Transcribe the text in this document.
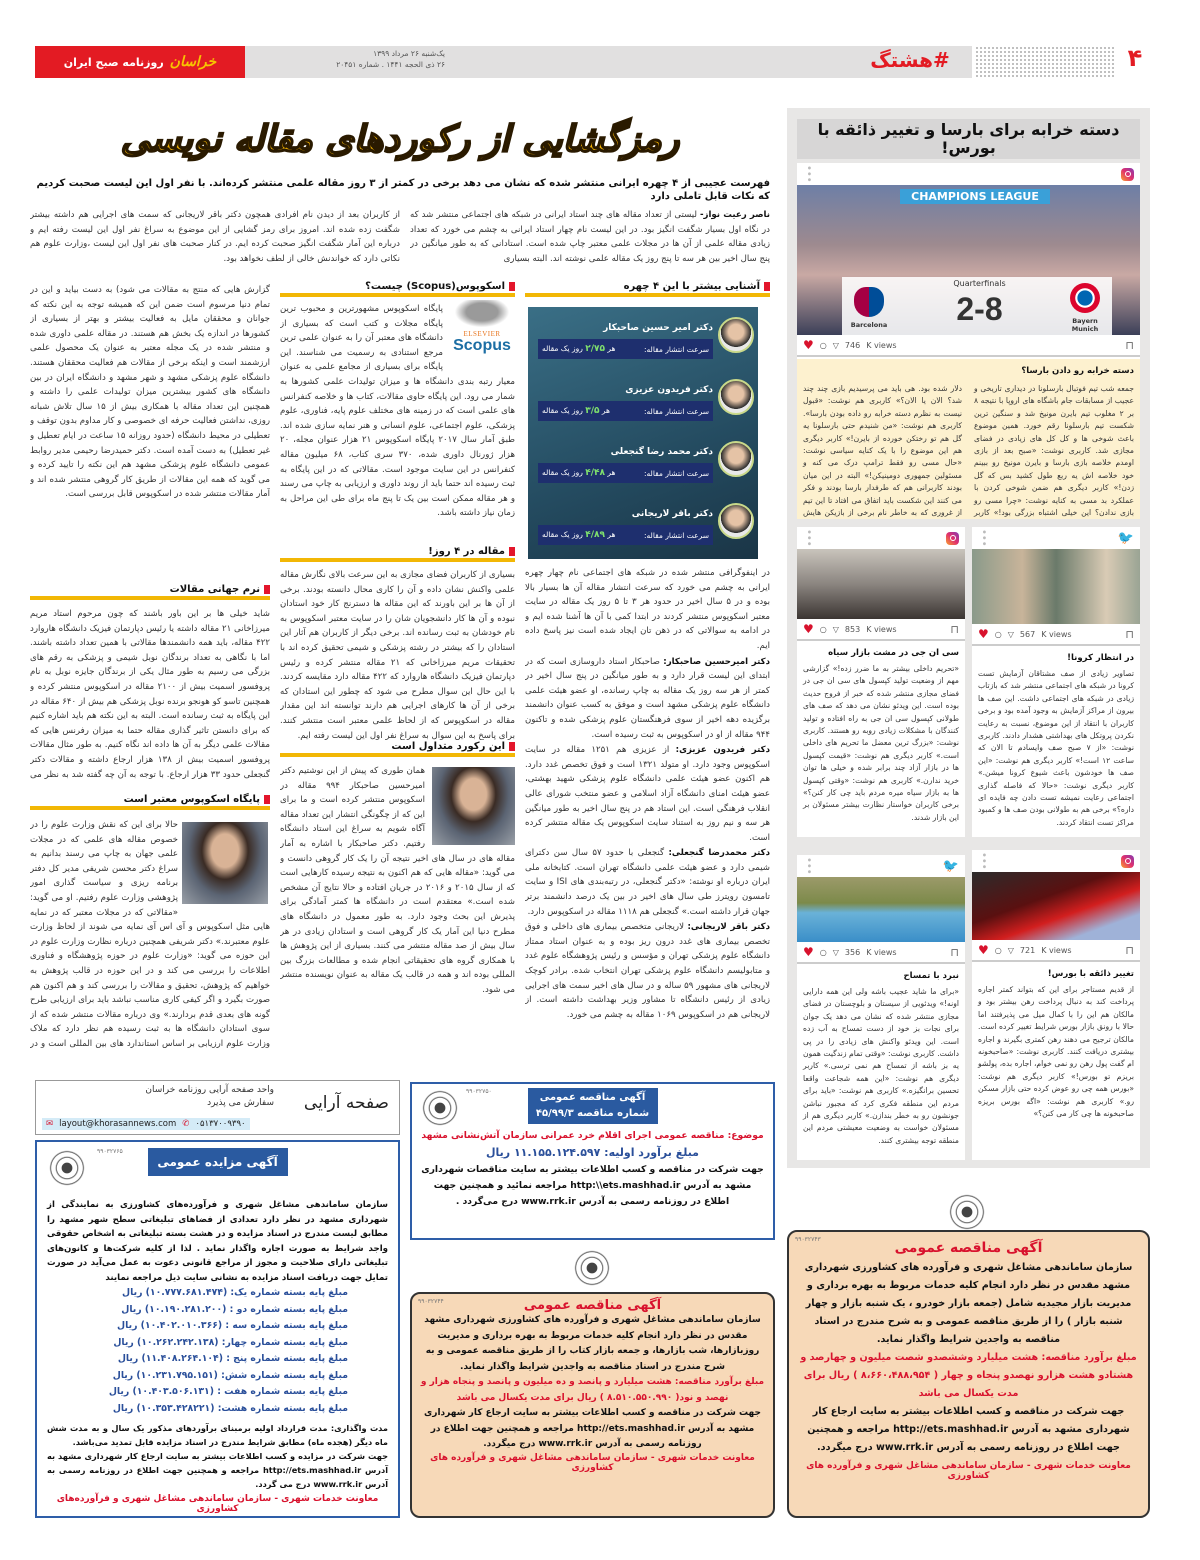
خراسان
روزنامه صبح ایران
یک‌شنبه ۲۶ مرداد ۱۳۹۹
۲۶ ذی الحجه ۱۴۴۱ . شماره ۲۰۴۵۱	#هشتگ	۴
رمزگشایی از رکوردهای مقاله نویسی
فهرست عجیبی از ۴ چهره ایرانی منتشر شده که نشان می دهد برخی در کمتر از ۳ روز مقاله علمی منتشر کرده‌اند. با نفر اول این لیست صحبت کردیم که نکات قابل تاملی دارد
ناصر رعیت نواز- لیستی از تعداد مقاله های چند استاد ایرانی در شبکه های اجتماعی منتشر شد که در نگاه اول بسیار شگفت انگیز بود. در این لیست نام چهار استاد ایرانی به چشم می خورد که تعداد زیادی مقاله علمی از آن ها در مجلات علمی معتبر چاپ شده است. استادانی که به طور میانگین در پنج سال اخیر بین هر سه تا پنج روز یک مقاله علمی نوشته اند. البته بسیاری
از کاربران بعد از دیدن نام افرادی همچون دکتر باقر لاریجانی که سمت های اجرایی هم داشته بیشتر شگفت زده شده اند. امروز برای رمز گشایی از این موضوع به سراغ نفر اول این لیست رفته ایم و درباره این آمار شگفت انگیز صحبت کرده ایم. در کنار صحبت های نفر اول این لیست ،وزارت علوم هم نکاتی دارد که خواندنش خالی از لطف نخواهد بود.
آشنایی بیشتر با این ۴ چهره
دکتر امیر حسین صاحبکار
سرعت انتشار مقاله:
هر ۲/۷۵ روز یک مقاله
دکتر فریدون عزیزی
سرعت انتشار مقاله:
هر ۳/۵ روز یک مقاله
دکتر محمد رضا گنجعلی
سرعت انتشار مقاله:
هر ۴/۴۸ روز یک مقاله
دکتر باقر لاریجانی
سرعت انتشار مقاله:
هر ۴/۸۹ روز یک مقاله

در اینفوگرافی منتشر شده در شبکه های اجتماعی نام چهار چهره ایرانی به چشم می خورد که سرعت انتشار مقاله آن ها بسیار بالا بوده و در ۵ سال اخیر در حدود هر ۳ تا ۵ روز یک مقاله در سایت معتبر اسکوپوس منتشر کردند در ابتدا کمی با آن ها آشنا شده ایم و در ادامه به سوالاتی که در ذهن تان ایجاد شده است نیز پاسخ داده ایم.

دکتر امیرحسین صاحبکار: صاحبکار استاد داروسازی است که در ابتدای این لیست قرار دارد و به طور میانگین در پنج سال اخیر در کمتر از هر سه روز یک مقاله به چاپ رسانده، او عضو هیئت علمی دانشگاه علوم پزشکی مشهد است و موفق به کسب عنوان دانشمند برگزیده دهه اخیر از سوی فرهنگستان علوم پزشکی شده و تاکنون ۹۴۴ مقاله از او در اسکوپوس به ثبت رسیده است.

دکتر فریدون عزیزی: از عزیزی هم ۱۲۵۱ مقاله در سایت اسکوپوس وجود دارد. او متولد ۱۳۲۱ است و فوق تخصص غدد دارد. هم اکنون عضو هیئت علمی دانشگاه علوم پزشکی شهید بهشتی، عضو هیئت امنای دانشگاه آزاد اسلامی و عضو منتخب شورای عالی انقلاب فرهنگی است. این استاد هم در پنج سال اخیر به طور میانگین هر سه و نیم روز به استناد سایت اسکوپوس یک مقاله منتشر کرده است.

دکتر محمدرضا گنجعلی: گنجعلی با حدود ۵۷ سال سن دکترای شیمی دارد و عضو هیئت علمی دانشگاه تهران است. کتابخانه ملی ایران درباره او نوشته: «دکتر گنجعلی، در رتبه‌بندی های ISI و سایت تامسون رویترز طی سال های اخیر در بین یک درصد دانشمند برتر جهان قرار داشته است.» گنجعلی هم ۱۱۱۸ مقاله در اسکوپوس دارد.

دکتر باقر لاریجانی: لاریجانی متخصص بیماری های داخلی و فوق تخصص بیماری های غدد درون ریز بوده و به عنوان استاد ممتاز دانشگاه علوم پزشکی تهران و مؤسس و رئیس پژوهشگاه علوم غدد و متابولیسم دانشگاه علوم پزشکی تهران انتخاب شده. برادر کوچک لاریجانی های مشهور ۵۹ ساله و در سال های اخیر سمت های اجرایی زیادی از رئیس دانشگاه تا مشاور وزیر بهداشت داشته است. از لاریجانی هم در اسکوپوس ۱۰۶۹ مقاله به چشم می خورد.

اسکوپوس(Scopus) چیست؟
پایگاه اسکوپوس مشهورترین و محبوب ترین پایگاه مجلات و کتب است که بسیاری از دانشگاه های معتبر آن را به عنوان علمی ترین مرجع استنادی به رسمیت می شناسند. این پایگاه برای بسیاری از مجامع علمی به عنوان معیار رتبه بندی دانشگاه ها و میزان تولیدات علمی کشورها به شمار می رود. این پایگاه حاوی مقالات، کتاب ها و خلاصه کنفرانس های علمی است که در زمینه های مختلف علوم پایه، فناوری، علوم پزشکی، علوم اجتماعی، علوم انسانی و هنر نمایه سازی شده اند. طبق آمار سال ۲۰۱۷ پایگاه اسکوپوس ۲۱ هزار عنوان مجله، ۲۰ هزار ژورنال داوری شده، ۳۷۰ سری کتاب، ۶۸ میلیون مقاله کنفرانس در این سایت موجود است. مقالاتی که در این پایگاه به ثبت رسیده اند حتما باید از روند داوری و ارزیابی به چاپ می رسند و هر مقاله ممکن است بین یک تا پنج ماه برای طی این مراحل به زمان نیاز داشته باشد.
ELSEVIER
Scopus
مقاله در ۴ روز!
بسیاری از کاربران فضای مجازی به این سرعت بالای نگارش مقاله علمی واکنش نشان داده و آن را کاری محال دانسته بودند. برخی از آن ها بر این باورند که این مقاله ها دسترنج کار خود استادان نبوده و آن ها کار دانشجویان شان را در سایت معتبر اسکوپوس به نام خودشان به ثبت رسانده اند. برخی دیگر از کاربران هم آثار این استادان را که بیشتر در رشته پزشکی و شیمی تحقیق کرده اند با تحقیقات مریم میرزاخانی که ۲۱ مقاله منتشر کرده و رئیس دپارتمان فیزیک دانشگاه هاروارد که ۴۲۲ مقاله دارد مقایسه کردند. با این حال این سوال مطرح می شود که چطور این استادان که برخی از آن ها کارهای اجرایی هم دارند توانسته اند این مقدار مقاله در اسکوپوس که از لحاظ علمی معتبر است منتشر کنند. برای پاسخ به این سوال به سراغ نفر اول این لیست رفته ایم.
این رکورد متداول است
همان طوری که پیش از این نوشتیم دکتر امیرحسین صاحبکار ۹۹۴ مقاله در اسکوپوس منتشر کرده است و ما برای این که از چگونگی انتشار این تعداد مقاله آگاه شویم به سراغ این استاد دانشگاه رفتیم. دکتر صاحبکار با اشاره به آمار مقاله های در سال های اخیر نتیجه آن را یک کار گروهی دانست و می گوید: «مقاله هایی که هم اکنون به نتیجه رسیده کارهایی است که از سال ۲۰۱۵ و ۲۰۱۶ در جریان افتاده و حالا نتایج آن مشخص شده است.» معتقدم است در دانشگاه ها کمتر آمادگی برای پذیرش این بحث وجود دارد. به طور معمول در دانشگاه های مطرح دنیا این آمار یک کار گروهی است و استادان زیادی در هر سال بیش از صد مقاله منتشر می کنند. بسیاری از این پژوهش ها با همکاری گروه های تحقیقاتی انجام شده و مطالعات بزرگ بین المللی بوده اند و همه در قالب یک مقاله به عنوان نویسنده منتشر می شود.
گزارش هایی که منتج به مقالات می شود) به دست بیاید و این در تمام دنیا مرسوم است ضمن این که همیشه توجه به این نکته که جوانان و محققان مایل به فعالیت بیشتر و بهتر از بسیاری از کشورها در اندازه یک بخش هم هستند. در مقاله علمی داوری شده و منتشر شده در یک مجله معتبر به عنوان یک محصول علمی ارزشمند است و اینکه برخی از مقالات هم فعالیت محققان هستند. دانشگاه علوم پزشکی مشهد و شهر مشهد و دانشگاه ایران در بین دانشگاه های کشور بیشترین میزان تولیدات علمی را داشته و همچنین این تعداد مقاله با همکاری بیش از ۱۵ سال تلاش شبانه روزی، نداشتن فعالیت حرفه ای خصوصی و کار مداوم بدون توقف و تعطیلی در محیط دانشگاه (حدود روزانه ۱۵ ساعت در ایام تعطیل و غیر تعطیل) به دست آمده است. دکتر حمیدرضا رحیمی مدیر روابط عمومی دانشگاه علوم پزشکی مشهد هم این نکته را تایید کرده و می گوید که همه این مقالات از طریق کار گروهی منتشر شده اند و آمار مقالات منتشر شده در اسکوپوس قابل بررسی است.
نرم جهانی مقالات
شاید خیلی ها بر این باور باشند که چون مرحوم استاد مریم میرزاخانی ۲۱ مقاله داشته یا رئیس دپارتمان فیزیک دانشگاه هاروارد ۴۲۲ مقاله، باید همه دانشمندها مقالاتی با همین تعداد داشته باشند. اما با نگاهی به تعداد برندگان نوبل شیمی و پزشکی به رقم های بزرگی می رسیم به طور مثال یکی از برندگان جایزه نوبل به نام پروفسور اسمیت بیش از ۲۱۰۰ مقاله در اسکوپوس منتشر کرده و همچنین تاسو کو هونجو برنده نوبل پزشکی هم بیش از ۶۴۰ مقاله در این پایگاه به ثبت رسانده است. البته به این نکته هم باید اشاره کنیم که برای دانستن تاثیر گذاری مقاله حتما به میزان رفرنس هایی که مقالات علمی دیگر به آن ها داده اند نگاه کنیم. به طور مثال مقالات پروفسور اسمیت بیش از ۱۳۸ هزار ارجاع داشته و مقالات دکتر گنجعلی حدود ۳۳ هزار ارجاع. با توجه به آن چه گفته شد به نظر می
پایگاه اسکوپوس معتبر است
حالا برای این که نقش وزارت علوم را در خصوص مقاله های علمی که در مجلات علمی جهان به چاپ می رسند بدانیم به سراغ دکتر محسن شریفی مدیر کل دفتر برنامه ریزی و سیاست گذاری امور پژوهشی وزارت علوم رفتیم. او می گوید: «مقالاتی که در مجلات معتبر که در نمایه هایی مثل اسکوپوس و آی اس آی نمایه می شوند از لحاظ وزارت علوم معتبرند.» دکتر شریفی همچنین درباره نظارت وزارت علوم در این حوزه می گوید: «وزارت علوم در حوزه پژوهشگاه و فناوری اطلاعات را بررسی می کند و در این حوزه در قالب پژوهش به خواهیم که پژوهش، تحقیق و مقالات را بررسی کند و هم اکنون هم صورت بگیرد و اگر کیفی کاری مناسب نباشد باید برای ارزیابی طرح گونه های بعدی قدم بردارند.» وی درباره مقالات منتشر شده که از سوی استادان دانشگاه ها به ثبت رسیده هم نظر دارد که ملاک وزارت علوم ارزیابی بر اساس استاندارد های بین المللی است و در
دسته خرابه برای بارسا و تغییر ذائقه با بورس!
•••
CHAMPIONS LEAGUE
Barcelona
Quarterfinals
2-8	Bayern Munich
♥ ○ ▽ 746 K views	⊓
دسته خرابه رو دادن بارسا؟
جمعه شب تیم فوتبال بارسلونا در دیداری تاریخی و عجیب از مسابقات جام باشگاه های اروپا با نتیجه ۸ بر ۲ مغلوب تیم بایرن مونیخ شد و سنگین ترین شکست تیم بارسلونا رقم خورد. همین موضوع باعث شوخی ها و کل کل های زیادی در فضای مجازی شد. کاربری نوشت: «صبح بعد از بازی اومدم خلاصه بازی بارسا و بایرن مونیخ رو ببینم خود خلاصه اش یه ربع طول کشید بس که گل زدن!» کاربر دیگری هم ضمن شوخی کردن با عملکرد بد مسی به کنایه نوشت: «چرا مسی رو بازی ندادن؟ این خیلی اشتباه بزرگی بود!» کاربر
دلار شده بود. هی باید می پرسیدیم بازی چند چند شد؟ الان یا الان؟» کاربری هم نوشت: «قبول نیست به نظرم دسته خرابه رو داده بودن بارسا». کاربری هم نوشت: «من شنیدم حتی بارسلونا یه گل هم تو رختکن خورده از بایرن!» کاربر دیگری هم این موضوع را با یک کنایه سیاسی نوشت: «حال مسی رو فقط ترامپ درک می کنه و مسئولین جمهوری دومینیکن!» البته در این میان بودند کاربرانی هم که طرفدار بارسا بودند و فکر می کنند این شکست باید اتفاق می افتاد تا این تیم از غروری که به خاطر نام برخی از بازیکن هایش
🐦
•••
♥ ○ ▽ 567 K views	⊓
در انتظار کرونا!
تصاویر زیادی از صف مشتاقان آزمایش تست کرونا در شبکه های اجتماعی منتشر شد که بازتاب زیادی در شبکه های اجتماعی داشت. این صف ها بیرون از مراکز آزمایش به وجود آمده بود و برخی کاربران با انتقاد از این موضوع، نسبت به رعایت نکردن پروتکل های بهداشتی هشدار دادند. کاربری نوشت: «از ۷ صبح صف وایسادم تا الان که ساعت ۱۲ است!» کاربر دیگری هم نوشت: «این صف ها خودشون باعث شیوع کرونا میشن.» کاربر دیگری نوشت: «حالا که فاصله گذاری اجتماعی رعایت نمیشه تست دادن چه فایده ای داره؟» برخی هم به طولانی بودن صف ها و کمبود مراکز تست انتقاد کردند.
•••
♥ ○ ▽ 853 K views	⊓
سی ان جی در مشت بازار سیاه
«تحریم داخلی بیشتر به ما ضرر زده!» گزارشی مهم از وضعیت تولید کپسول های سی ان جی در فضای مجازی منتشر شده که خبر از فروج حدیث بوده است. این ویدئو نشان می دهد که صف های طولانی کپسول سی ان جی به راه افتاده و تولید کنندگان با مشکلات زیادی روبه رو هستند. کاربری نوشت: «بزرگ ترین معضل ما تحریم های داخلی است.» کاربر دیگری هم نوشت: «قیمت کپسول ها در بازار آزاد چند برابر شده و خیلی ها توان خرید ندارن.» کاربری هم نوشت: «وقتی کپسول ها به بازار سیاه میره مردم باید چی کار کنن؟» برخی کاربران خواستار نظارت بیشتر مسئولان بر این بازار شدند.
•••
♥ ○ ▽ 721 K views	⊓
تغییر ذائقه با بورس!
از قدیم مستاجر برای این که بتواند کمتر اجاره پرداخت کند به دنبال پرداخت رهن بیشتر بود و مالکان هم این را با کمال میل می پذیرفتند اما حالا با رونق بازار بورس شرایط تغییر کرده است. مالکان ترجیح می دهند رهن کمتری بگیرند و اجاره بیشتری دریافت کنند. کاربری نوشت: «صاحبخونه ام گفت پول رهن رو نمی خوام، اجاره بده، پولشو بریزم تو بورس!» کاربر دیگری هم نوشت: «بورس همه چی رو عوض کرده حتی بازار مسکن رو.» کاربری هم نوشت: «اگه بورس بریزه صاحبخونه ها چی کار می کنن؟»
🐦
•••
♥ ○ ▽ 356 K views	⊓
نبرد با تمساح
«برای ما شاید عجیب باشه ولی این همه دارایی اونه!» ویدئویی از سیستان و بلوچستان در فضای مجازی منتشر شده که نشان می دهد یک جوان برای نجات بز خود از دست تمساح به آب زده است. این ویدئو واکنش های زیادی را در پی داشت. کاربری نوشت: «وقتی تمام زندگیت همون یه بز باشه از تمساح هم نمی ترسی.» کاربر دیگری هم نوشت: «این همه شجاعت واقعا تحسین برانگیزه.» کاربری هم نوشت: «باید برای مردم این منطقه فکری کرد که مجبور نباشن جونشون رو به خطر بندازن.» کاربر دیگری هم از مسئولان خواست به وضعیت معیشتی مردم این منطقه توجه بیشتری کنند.
صفحه آرایی
واحد صفحه آرایی روزنامه خراسان
سفارش می پذیرد
✉ layout@khorasannews.com ✆ ۰۵۱۳۷۰۰۹۳۹۰
۹۹۰۳۲۷۶۵
آگهی مزایده عمومی
سازمان ساماندهی مشاغل شهری و فرآورده‌های کشاورزی به نمایندگی از شهرداری مشهد در نظر دارد تعدادی از فضاهای تبلیغاتی سطح شهر مشهد را مطابق لیست مندرج در اسناد مزایده و در هشت بسته تبلیغاتی به اشخاص حقوقی واجد شرایط به صورت اجاره واگذار نماید . لذا از کلیه شرکت‌ها و کانون‌های تبلیغاتی دارای صلاحیت و مجوز از مراجع قانونی دعوت به عمل می‌آید در صورت تمایل جهت دریافت اسناد مزایده به نشانی سایت ذیل مراجعه نمایند
مبلغ پایه بسته شماره یک: (۱۰.۷۷۷.۶۸۱.۴۷۴) ریال
مبلغ پایه بسته شماره دو : (۱۰.۱۹۰.۲۸۱.۲۰۰) ریال
مبلغ پایه بسته شماره سه : (۱۰.۴۰۲.۰۱۰.۳۶۶) ریال
مبلغ پایه بسته شماره چهار: (۱۰.۲۶۲.۲۴۲.۱۳۸) ریال
مبلغ پایه بسته شماره پنج : (۱۱.۴۰۸.۲۶۴.۱۰۴) ریال
مبلغ پایه بسته شماره شش: (۱۰.۲۳۱.۷۹۵.۱۵۱) ریال
مبلغ پایه بسته شماره هفت : (۱۰.۴۰۳.۵۰۶.۱۳۱) ریال
مبلغ پایه بسته شماره هشت: (۱۰.۳۵۳.۴۲۸۲۲۱) ریال
مدت واگذاری: مدت قرارداد اولیه برمبنای برآوردهای مذکور یک سال و به مدت شش ماه دیگر (هجده ماه) مطابق شرایط مندرج در اسناد مزایده قابل تمدید می‌باشد.
جهت شرکت در مزایده و کسب اطلاعات بیشتر به سایت ارجاع کار شهرداری مشهد به آدرس http://ets.mashhad.ir مراجعه و همچنین جهت اطلاع در روزنامه رسمی به آدرس www.rrk.ir درج می گردد.
معاونت خدمات شهری - سازمان ساماندهی مشاغل شهری و فرآورده‌های کشاورزی
۹۹۰۳۲۷۵۰
آگهی مناقصه عمومی
شماره مناقصه ۴۵/۹۹/۳
موضوع: مناقصه عمومی اجرای اقلام خرد عمرانی سازمان آتش‌نشانی مشهد
مبلغ برآورد اولیه: ۱۱.۱۵۵.۱۲۴.۵۹۷ ریال
جهت شرکت در مناقصه و کسب اطلاعات بیشتر به سایت مناقصات شهرداری مشهد به آدرس http:\\ets.mashhad.ir مراجعه نمائید و همچنین جهت اطلاع در روزنامه رسمی به آدرس www.rrk.ir درج می‌گردد .
۹۹۰۳۲۷۴۴	آگهی مناقصه عمومی
سازمان ساماندهی مشاغل شهری و فرآورده های کشاورزی شهرداری مشهد مقدس در نظر دارد انجام کلیه خدمات مربوط به بهره برداری و مدیریت روزبازارها، شب بازارها، و جمعه بازار کتاب را از طریق مناقصه عمومی و به شرح مندرج در اسناد مناقصه به واجدین شرایط واگذار نماید.
مبلغ برآورد مناقصه: هشت میلیارد و پانصد و ده میلیون و پانصد و پنجاه هزار و نهصد و نود( ۸.۵۱۰.۵۵۰.۹۹۰ ) ریال برای مدت یکسال می باشد
جهت شرکت در مناقصه و کسب اطلاعات بیشتر به سایت ارجاع کار شهرداری مشهد به آدرس http://ets.mashhad.ir مراجعه و همچنین جهت اطلاع در روزنامه رسمی به آدرس www.rrk.ir درج میگردد.
معاونت خدمات شهری - سازمان ساماندهی مشاغل شهری و فرآورده های کشاورزی
۹۹۰۳۲۷۴۳
آگهی مناقصه عمومی
سازمان ساماندهی مشاغل شهری و فرآورده های کشاورزی شهرداری مشهد مقدس در نظر دارد انجام کلیه خدمات مربوط به بهره برداری و مدیریت بازار مجیدیه شامل (جمعه بازار خودرو ، یک شنبه بازار و چهار شنبه بازار ) را از طریق مناقصه عمومی و به شرح مندرج در اسناد مناقصه به واجدین شرایط واگذار نماید.
مبلغ برآورد مناقصه: هشت میلیارد وششصدو شصت میلیون و چهارصد و هشتادو هشت هزارو نهصدو پنجاه و چهار ( ۸،۶۶۰،۴۸۸،۹۵۴ ) ریال برای مدت یکسال می باشد
جهت شرکت در مناقصه و کسب اطلاعات بیشتر به سایت ارجاع کار شهرداری مشهد به آدرس http://ets.mashhad.ir مراجعه و همچنین جهت اطلاع در روزنامه رسمی به آدرس www.rrk.ir درج میگردد.
معاونت خدمات شهری - سازمان ساماندهی مشاغل شهری و فرآورده های کشاورزی
